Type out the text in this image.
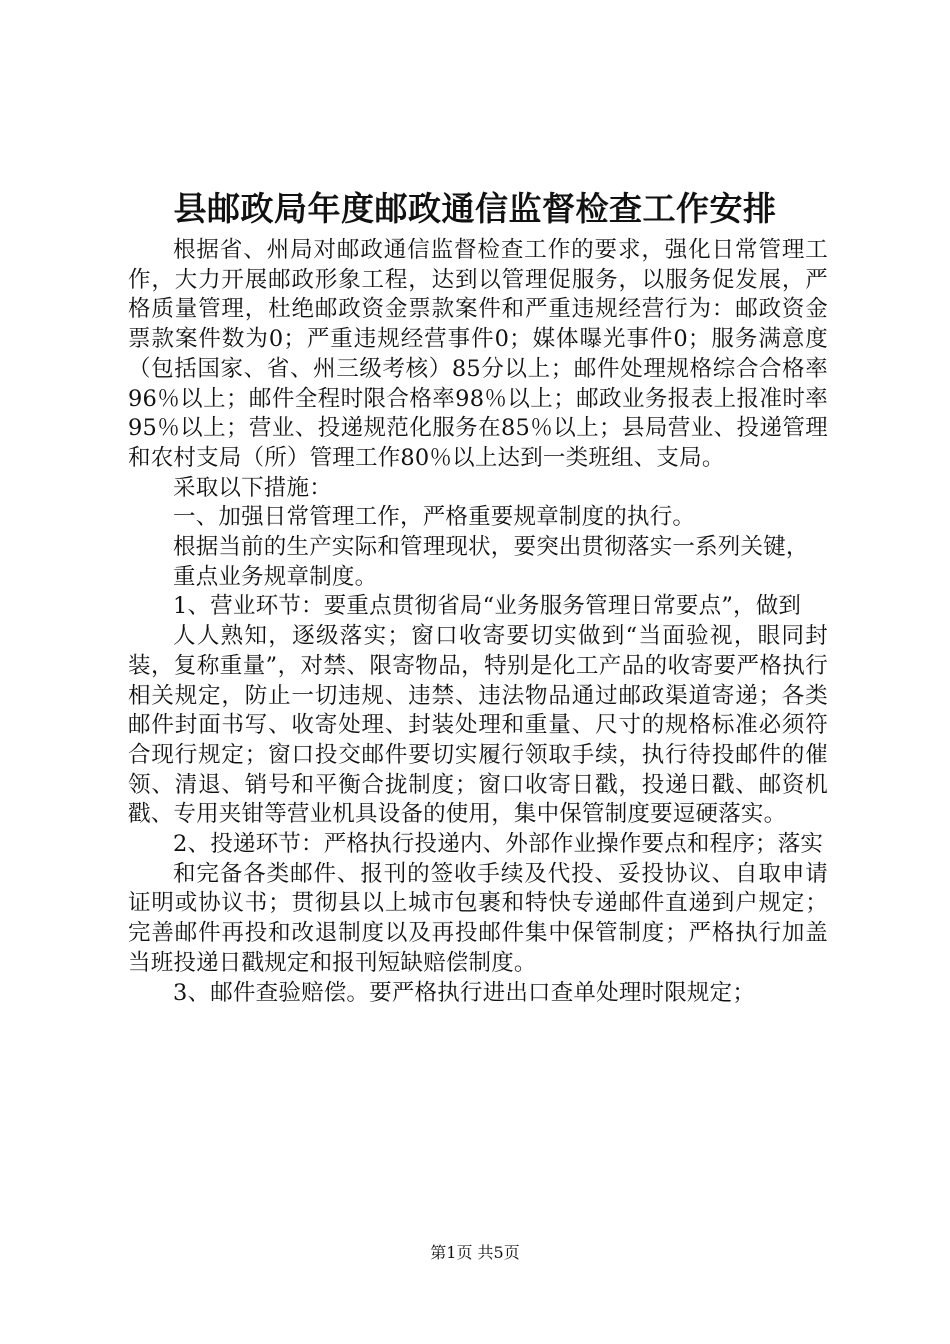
县邮政局年度邮政通信监督检查工作安排

根据省、州局对邮政通信监督检查工作的要求，强化日常管理工作，大力开展邮政形象工程，达到以管理促服务，以服务促发展，严格质量管理，杜绝邮政资金票款案件和严重违规经营行为：邮政资金票款案件数为0；严重违规经营事件0；媒体曝光事件0；服务满意度（包括国家、省、州三级考核）85分以上；邮件处理规格综合合格率96％以上；邮件全程时限合格率98％以上；邮政业务报表上报准时率95％以上；营业、投递规范化服务在85％以上；县局营业、投递管理和农村支局（所）管理工作80％以上达到一类班组、支局。

采取以下措施：

一、加强日常管理工作，严格重要规章制度的执行。

根据当前的生产实际和管理现状，要突出贯彻落实一系列关键，

重点业务规章制度。

1、营业环节：要重点贯彻省局“业务服务管理日常要点”，做到

人人熟知，逐级落实；窗口收寄要切实做到“当面验视，眼同封装，复称重量”，对禁、限寄物品，特别是化工产品的收寄要严格执行相关规定，防止一切违规、违禁、违法物品通过邮政渠道寄递；各类邮件封面书写、收寄处理、封装处理和重量、尺寸的规格标准必须符合现行规定；窗口投交邮件要切实履行领取手续，执行待投邮件的催领、清退、销号和平衡合拢制度；窗口收寄日戳，投递日戳、邮资机戳、专用夹钳等营业机具设备的使用，集中保管制度要逗硬落实。

2、投递环节：严格执行投递内、外部作业操作要点和程序；落实

和完备各类邮件、报刊的签收手续及代投、妥投协议、自取申请证明或协议书；贯彻县以上城市包裹和特快专递邮件直递到户规定；完善邮件再投和改退制度以及再投邮件集中保管制度；严格执行加盖当班投递日戳规定和报刊短缺赔偿制度。

3、邮件查验赔偿。要严格执行进出口查单处理时限规定；

第1页 共5页
